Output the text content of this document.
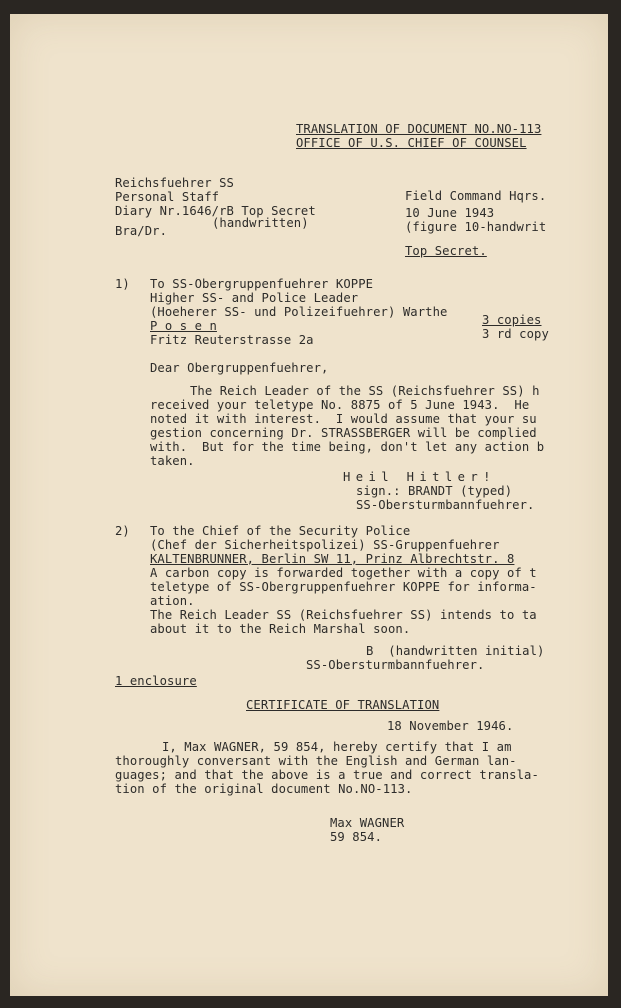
TRANSLATION OF DOCUMENT NO.NO-113
OFFICE OF U.S. CHIEF OF COUNSEL
Reichsfuehrer SS
Personal Staff
Diary Nr.1646/rB Top Secret
(handwritten)
Bra/Dr.
Field Command Hqrs.
10 June 1943
(figure 10-handwrit
Top Secret.
1) To SS-Obergruppenfuehrer KOPPE
Higher SS- and Police Leader
(Hoeherer SS- und Polizeifuehrer) Warthe
P o s e n
Fritz Reuterstrasse 2a
3 copies
3 rd copy
Dear Obergruppenfuehrer,
The Reich Leader of the SS (Reichsfuehrer SS) h
received your teletype No. 8875 of 5 June 1943.  He
noted it with interest.  I would assume that your su
gestion concerning Dr. STRASSBERGER will be complied
with.  But for the time being, don't let any action b
taken.
Heil Hitler!
sign.: BRANDT (typed)
SS-Obersturmbannfuehrer.
2) To the Chief of the Security Police
(Chef der Sicherheitspolizei) SS-Gruppenfuehrer
KALTENBRUNNER, Berlin SW 11, Prinz Albrechtstr. 8
A carbon copy is forwarded together with a copy of t
teletype of SS-Obergruppenfuehrer KOPPE for informa-
ation.
The Reich Leader SS (Reichsfuehrer SS) intends to ta
about it to the Reich Marshal soon.
B  (handwritten initial)
SS-Obersturmbannfuehrer.
1 enclosure
CERTIFICATE OF TRANSLATION
18 November 1946.
I, Max WAGNER, 59 854, hereby certify that I am
thoroughly conversant with the English and German lan-
guages; and that the above is a true and correct transla-
tion of the original document No.NO-113.
Max WAGNER
59 854.
